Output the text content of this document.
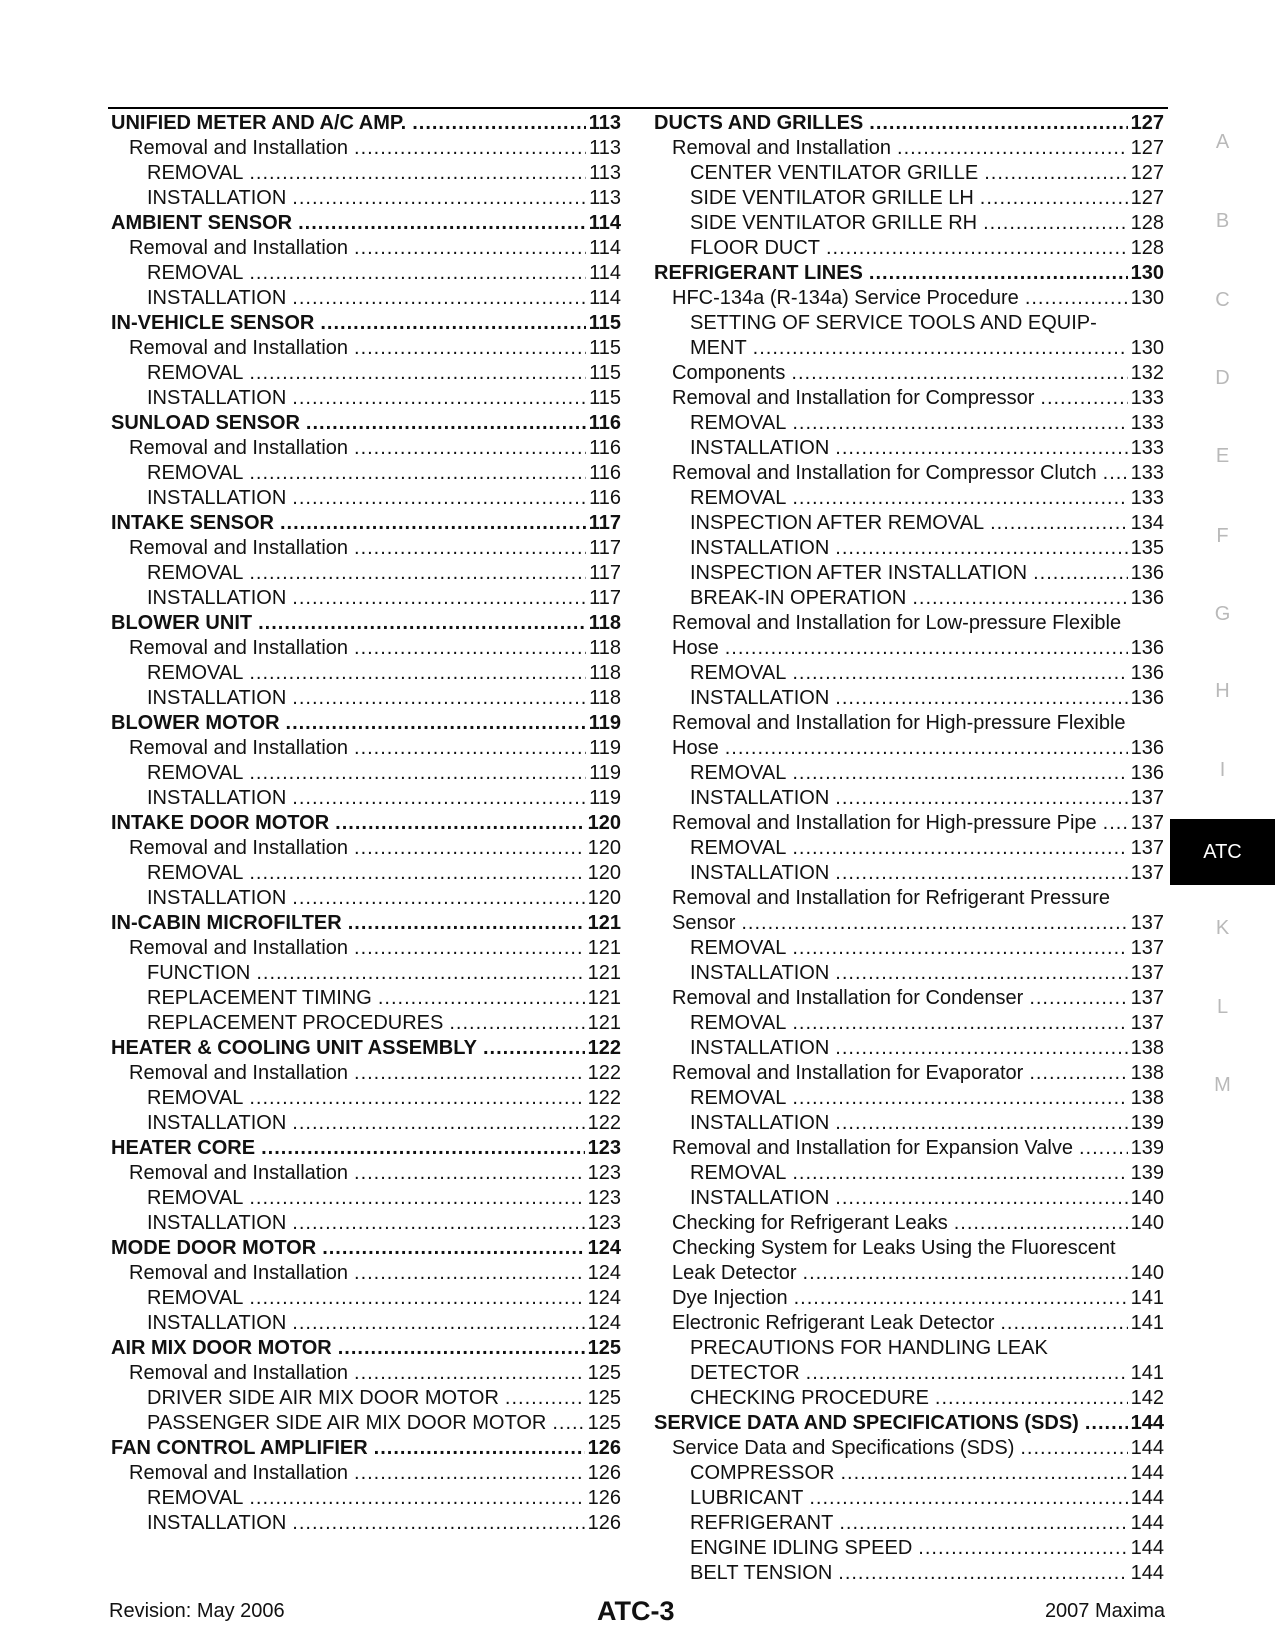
UNIFIED METER AND A/C AMP. .....	113
Removal and Installation .....	113
REMOVAL .....	113
INSTALLATION .....	113
AMBIENT SENSOR .....	114
Removal and Installation .....	114
REMOVAL .....	114
INSTALLATION .....	114
IN-VEHICLE SENSOR .....	115
Removal and Installation .....	115
REMOVAL .....	115
INSTALLATION .....	115
SUNLOAD SENSOR .....	116
Removal and Installation .....	116
REMOVAL .....	116
INSTALLATION .....	116
INTAKE SENSOR .....	117
Removal and Installation .....	117
REMOVAL .....	117
INSTALLATION .....	117
BLOWER UNIT .....	118
Removal and Installation .....	118
REMOVAL .....	118
INSTALLATION .....	118
BLOWER MOTOR .....	119
Removal and Installation .....	119
REMOVAL .....	119
INSTALLATION .....	119
INTAKE DOOR MOTOR .....	120
Removal and Installation .....	120
REMOVAL .....	120
INSTALLATION .....	120
IN-CABIN MICROFILTER .....	121
Removal and Installation .....	121
FUNCTION .....	121
REPLACEMENT TIMING .....	121
REPLACEMENT PROCEDURES .....	121
HEATER & COOLING UNIT ASSEMBLY .....	122
Removal and Installation .....	122
REMOVAL .....	122
INSTALLATION .....	122
HEATER CORE .....	123
Removal and Installation .....	123
REMOVAL .....	123
INSTALLATION .....	123
MODE DOOR MOTOR .....	124
Removal and Installation .....	124
REMOVAL .....	124
INSTALLATION .....	124
AIR MIX DOOR MOTOR .....	125
Removal and Installation .....	125
DRIVER SIDE AIR MIX DOOR MOTOR .....	125
PASSENGER SIDE AIR MIX DOOR MOTOR ..... 125
FAN CONTROL AMPLIFIER .....	126
Removal and Installation .....	126
REMOVAL .....	126
INSTALLATION .....	126
DUCTS AND GRILLES .....	127
Removal and Installation .....	127
CENTER VENTILATOR GRILLE .....	127
SIDE VENTILATOR GRILLE LH .....	127
SIDE VENTILATOR GRILLE RH .....	128
FLOOR DUCT .....	128
REFRIGERANT LINES .....	130
HFC-134a (R-134a) Service Procedure .....	130
SETTING OF SERVICE TOOLS AND EQUIP-
MENT .....	130
Components .....	132
Removal and Installation for Compressor .....	133
REMOVAL .....	133
INSTALLATION .....	133
Removal and Installation for Compressor Clutch ..... 133
REMOVAL .....	133
INSPECTION AFTER REMOVAL .....	134
INSTALLATION .....	135
INSPECTION AFTER INSTALLATION .....	136
BREAK-IN OPERATION .....	136
Removal and Installation for Low-pressure Flexible
Hose .....	136
REMOVAL .....	136
INSTALLATION .....	136
Removal and Installation for High-pressure Flexible
Hose .....	136
REMOVAL .....	136
INSTALLATION .....	137
Removal and Installation for High-pressure Pipe ..... 137
REMOVAL .....	137
INSTALLATION .....	137
Removal and Installation for Refrigerant Pressure
Sensor .....	137
REMOVAL .....	137
INSTALLATION .....	137
Removal and Installation for Condenser .....	137
REMOVAL .....	137
INSTALLATION .....	138
Removal and Installation for Evaporator .....	138
REMOVAL .....	138
INSTALLATION .....	139
Removal and Installation for Expansion Valve .....	139
REMOVAL .....	139
INSTALLATION .....	140
Checking for Refrigerant Leaks .....	140
Checking System for Leaks Using the Fluorescent
Leak Detector .....	140
Dye Injection .....	141
Electronic Refrigerant Leak Detector .....	141
PRECAUTIONS FOR HANDLING LEAK
DETECTOR .....	141
CHECKING PROCEDURE .....	142
SERVICE DATA AND SPECIFICATIONS (SDS) .....	144
Service Data and Specifications (SDS) .....	144
COMPRESSOR .....	144
LUBRICANT .....	144
REFRIGERANT .....	144
ENGINE IDLING SPEED .....	144
BELT TENSION .....	144
A
B
C
D
E
F
G
H
I
ATC
K
L
M
Revision: May 2006	ATC-3	2007 Maxima
